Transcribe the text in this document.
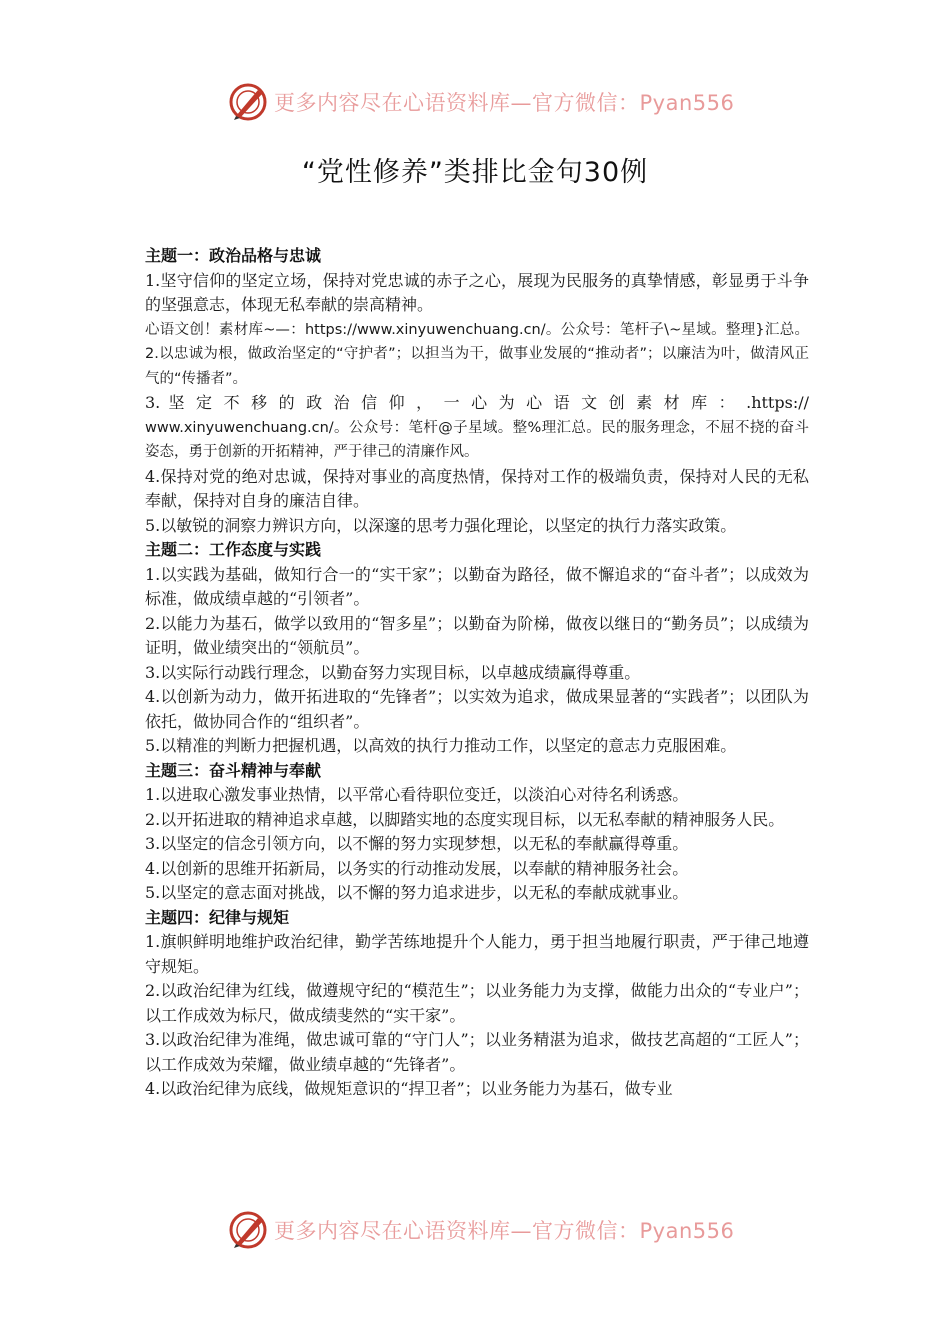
更多内容尽在心语资料库—官方微信：Pyan556
“党性修养”类排比金句30例
主题一：政治品格与忠诚
1.坚守信仰的坚定立场，保持对党忠诚的赤子之心，展现为民服务的真挚情感，彰显勇于斗争的坚强意志，体现无私奉献的崇高精神。
心语文创！素材库~—：https://www.xinyuwenchuang.cn/。公众号：笔杆子\~星域。整理}汇总。2.以忠诚为根，做政治坚定的“守护者”；以担当为干，做事业发展的“推动者”；以廉洁为叶，做清风正气的“传播者”。
3. 坚 定 不 移 的 政 治 信 仰 ， 一 心 为 心 语 文 创 素 材 库 ： .https://
www.xinyuwenchuang.cn/。公众号：笔杆@子星域。整%理汇总。民的服务理念，不屈不挠的奋斗姿态，勇于创新的开拓精神，严于律己的清廉作风。
4.保持对党的绝对忠诚，保持对事业的高度热情，保持对工作的极端负责，保持对人民的无私奉献，保持对自身的廉洁自律。
5.以敏锐的洞察力辨识方向，以深邃的思考力强化理论，以坚定的执行力落实政策。
主题二：工作态度与实践
1.以实践为基础，做知行合一的“实干家”；以勤奋为路径，做不懈追求的“奋斗者”；以成效为标准，做成绩卓越的“引领者”。
2.以能力为基石，做学以致用的“智多星”；以勤奋为阶梯，做夜以继日的“勤务员”；以成绩为证明，做业绩突出的“领航员”。
3.以实际行动践行理念，以勤奋努力实现目标，以卓越成绩赢得尊重。
4.以创新为动力，做开拓进取的“先锋者”；以实效为追求，做成果显著的“实践者”；以团队为依托，做协同合作的“组织者”。
5.以精准的判断力把握机遇，以高效的执行力推动工作，以坚定的意志力克服困难。
主题三：奋斗精神与奉献
1.以进取心激发事业热情，以平常心看待职位变迁，以淡泊心对待名利诱惑。
2.以开拓进取的精神追求卓越，以脚踏实地的态度实现目标，以无私奉献的精神服务人民。
3.以坚定的信念引领方向，以不懈的努力实现梦想，以无私的奉献赢得尊重。
4.以创新的思维开拓新局，以务实的行动推动发展，以奉献的精神服务社会。
5.以坚定的意志面对挑战，以不懈的努力追求进步，以无私的奉献成就事业。
主题四：纪律与规矩
1.旗帜鲜明地维护政治纪律，勤学苦练地提升个人能力，勇于担当地履行职责，严于律己地遵守规矩。
2.以政治纪律为红线，做遵规守纪的“模范生”；以业务能力为支撑，做能力出众的“专业户”；以工作成效为标尺，做成绩斐然的“实干家”。
3.以政治纪律为准绳，做忠诚可靠的“守门人”；以业务精湛为追求，做技艺高超的“工匠人”；以工作成效为荣耀，做业绩卓越的“先锋者”。
4.以政治纪律为底线，做规矩意识的“捍卫者”；以业务能力为基石，做专业
更多内容尽在心语资料库—官方微信：Pyan556
